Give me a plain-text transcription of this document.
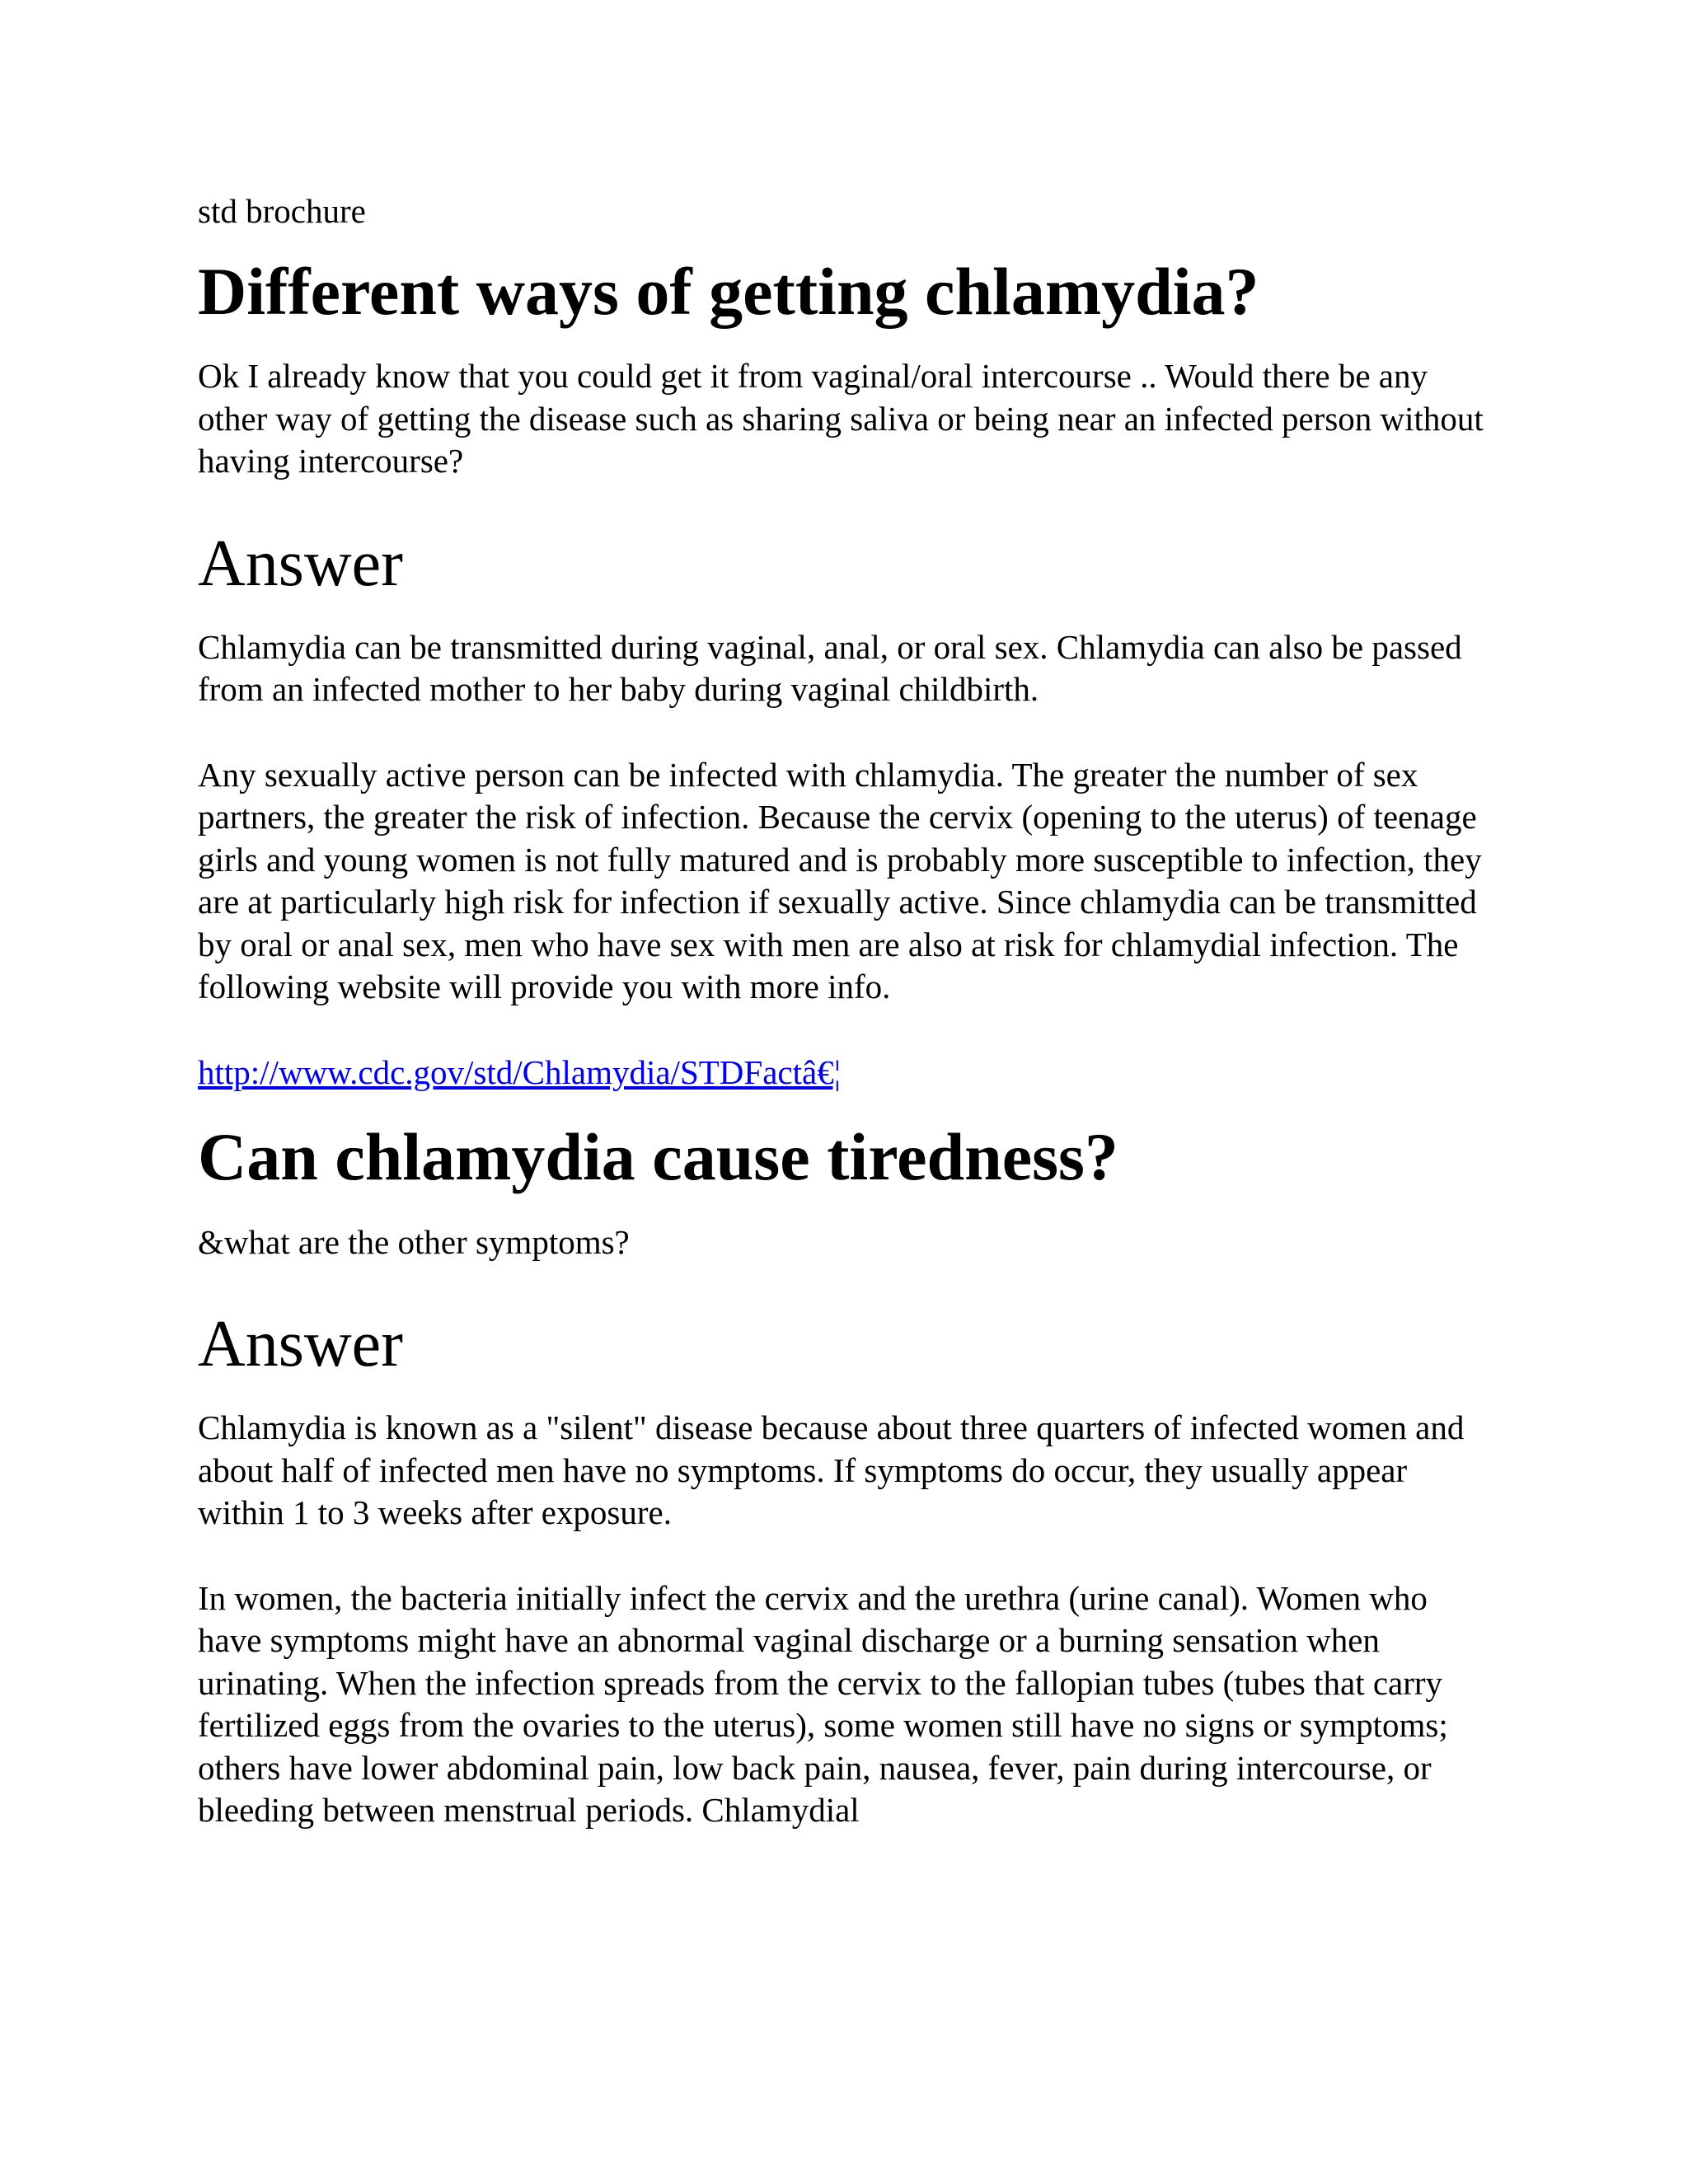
std brochure
Different ways of getting chlamydia?

Ok I already know that you could get it from vaginal/oral intercourse .. Would there be any other way of getting the disease such as sharing saliva or being near an infected person without having intercourse?

Answer

Chlamydia can be transmitted during vaginal, anal, or oral sex. Chlamydia can also be passed from an infected mother to her baby during vaginal childbirth.

Any sexually active person can be infected with chlamydia. The greater the number of sex partners, the greater the risk of infection. Because the cervix (opening to the uterus) of teenage girls and young women is not fully matured and is probably more susceptible to infection, they are at particularly high risk for infection if sexually active. Since chlamydia can be transmitted by oral or anal sex, men who have sex with men are also at risk for chlamydial infection. The following website will provide you with more info.

http://www.cdc.gov/std/Chlamydia/STDFactâ€¦

Can chlamydia cause tiredness?

&what are the other symptoms?

Answer

Chlamydia is known as a "silent" disease because about three quarters of infected women and about half of infected men have no symptoms. If symptoms do occur, they usually appear within 1 to 3 weeks after exposure.

In women, the bacteria initially infect the cervix and the urethra (urine canal). Women who have symptoms might have an abnormal vaginal discharge or a burning sensation when urinating. When the infection spreads from the cervix to the fallopian tubes (tubes that carry fertilized eggs from the ovaries to the uterus), some women still have no signs or symptoms; others have lower abdominal pain, low back pain, nausea, fever, pain during intercourse, or bleeding between menstrual periods. Chlamydial
